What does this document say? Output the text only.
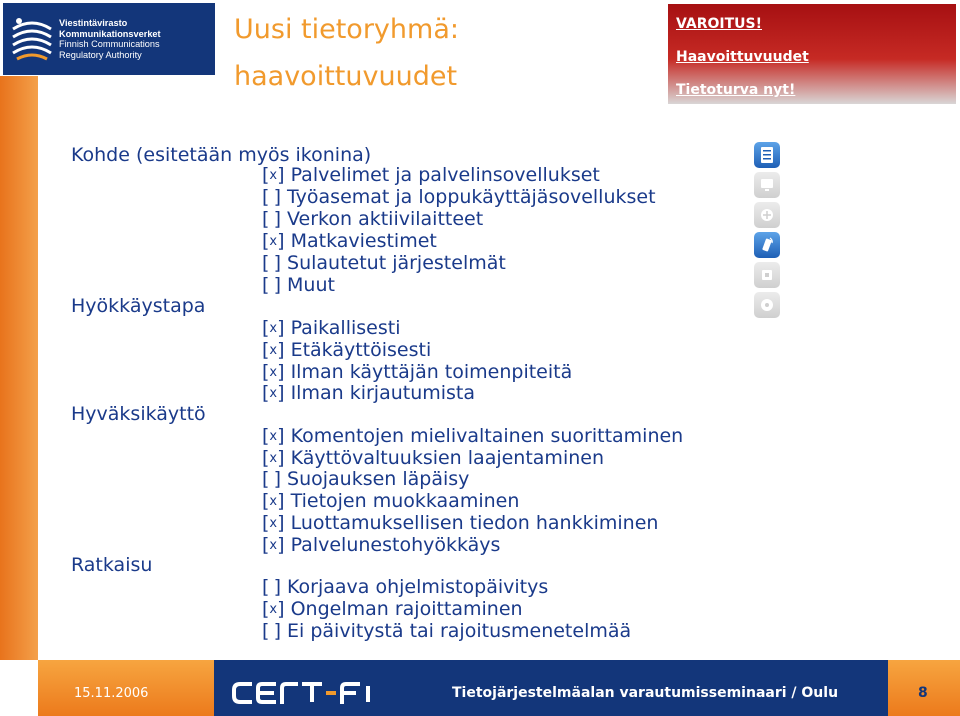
Viestintävirasto
Kommunikationsverket
Finnish Communications
Regulatory Authority
Uusi tietoryhmä:
haavoittuvuudet
VAROITUS!
Haavoittuvuudet
Tietoturva nyt!
Kohde (esitetään myös ikonina)
[x] Palvelimet ja palvelinsovellukset
[ ] Työasemat ja loppukäyttäjäsovellukset
[ ] Verkon aktiivilaitteet
[x] Matkaviestimet
[ ] Sulautetut järjestelmät
[ ] Muut
Hyökkäystapa
[x] Paikallisesti
[x] Etäkäyttöisesti
[x] Ilman käyttäjän toimenpiteitä
[x] Ilman kirjautumista
Hyväksikäyttö
[x] Komentojen mielivaltainen suorittaminen
[x] Käyttövaltuuksien laajentaminen
[ ] Suojauksen läpäisy
[x] Tietojen muokkaaminen
[x] Luottamuksellisen tiedon hankkiminen
[x] Palvelunestohyökkäys
Ratkaisu
[ ] Korjaava ohjelmistopäivitys
[x] Ongelman rajoittaminen
[ ] Ei päivitystä tai rajoitusmenetelmää
15.11.2006	Tietojärjestelmäalan varautumisseminaari / Oulu	8
